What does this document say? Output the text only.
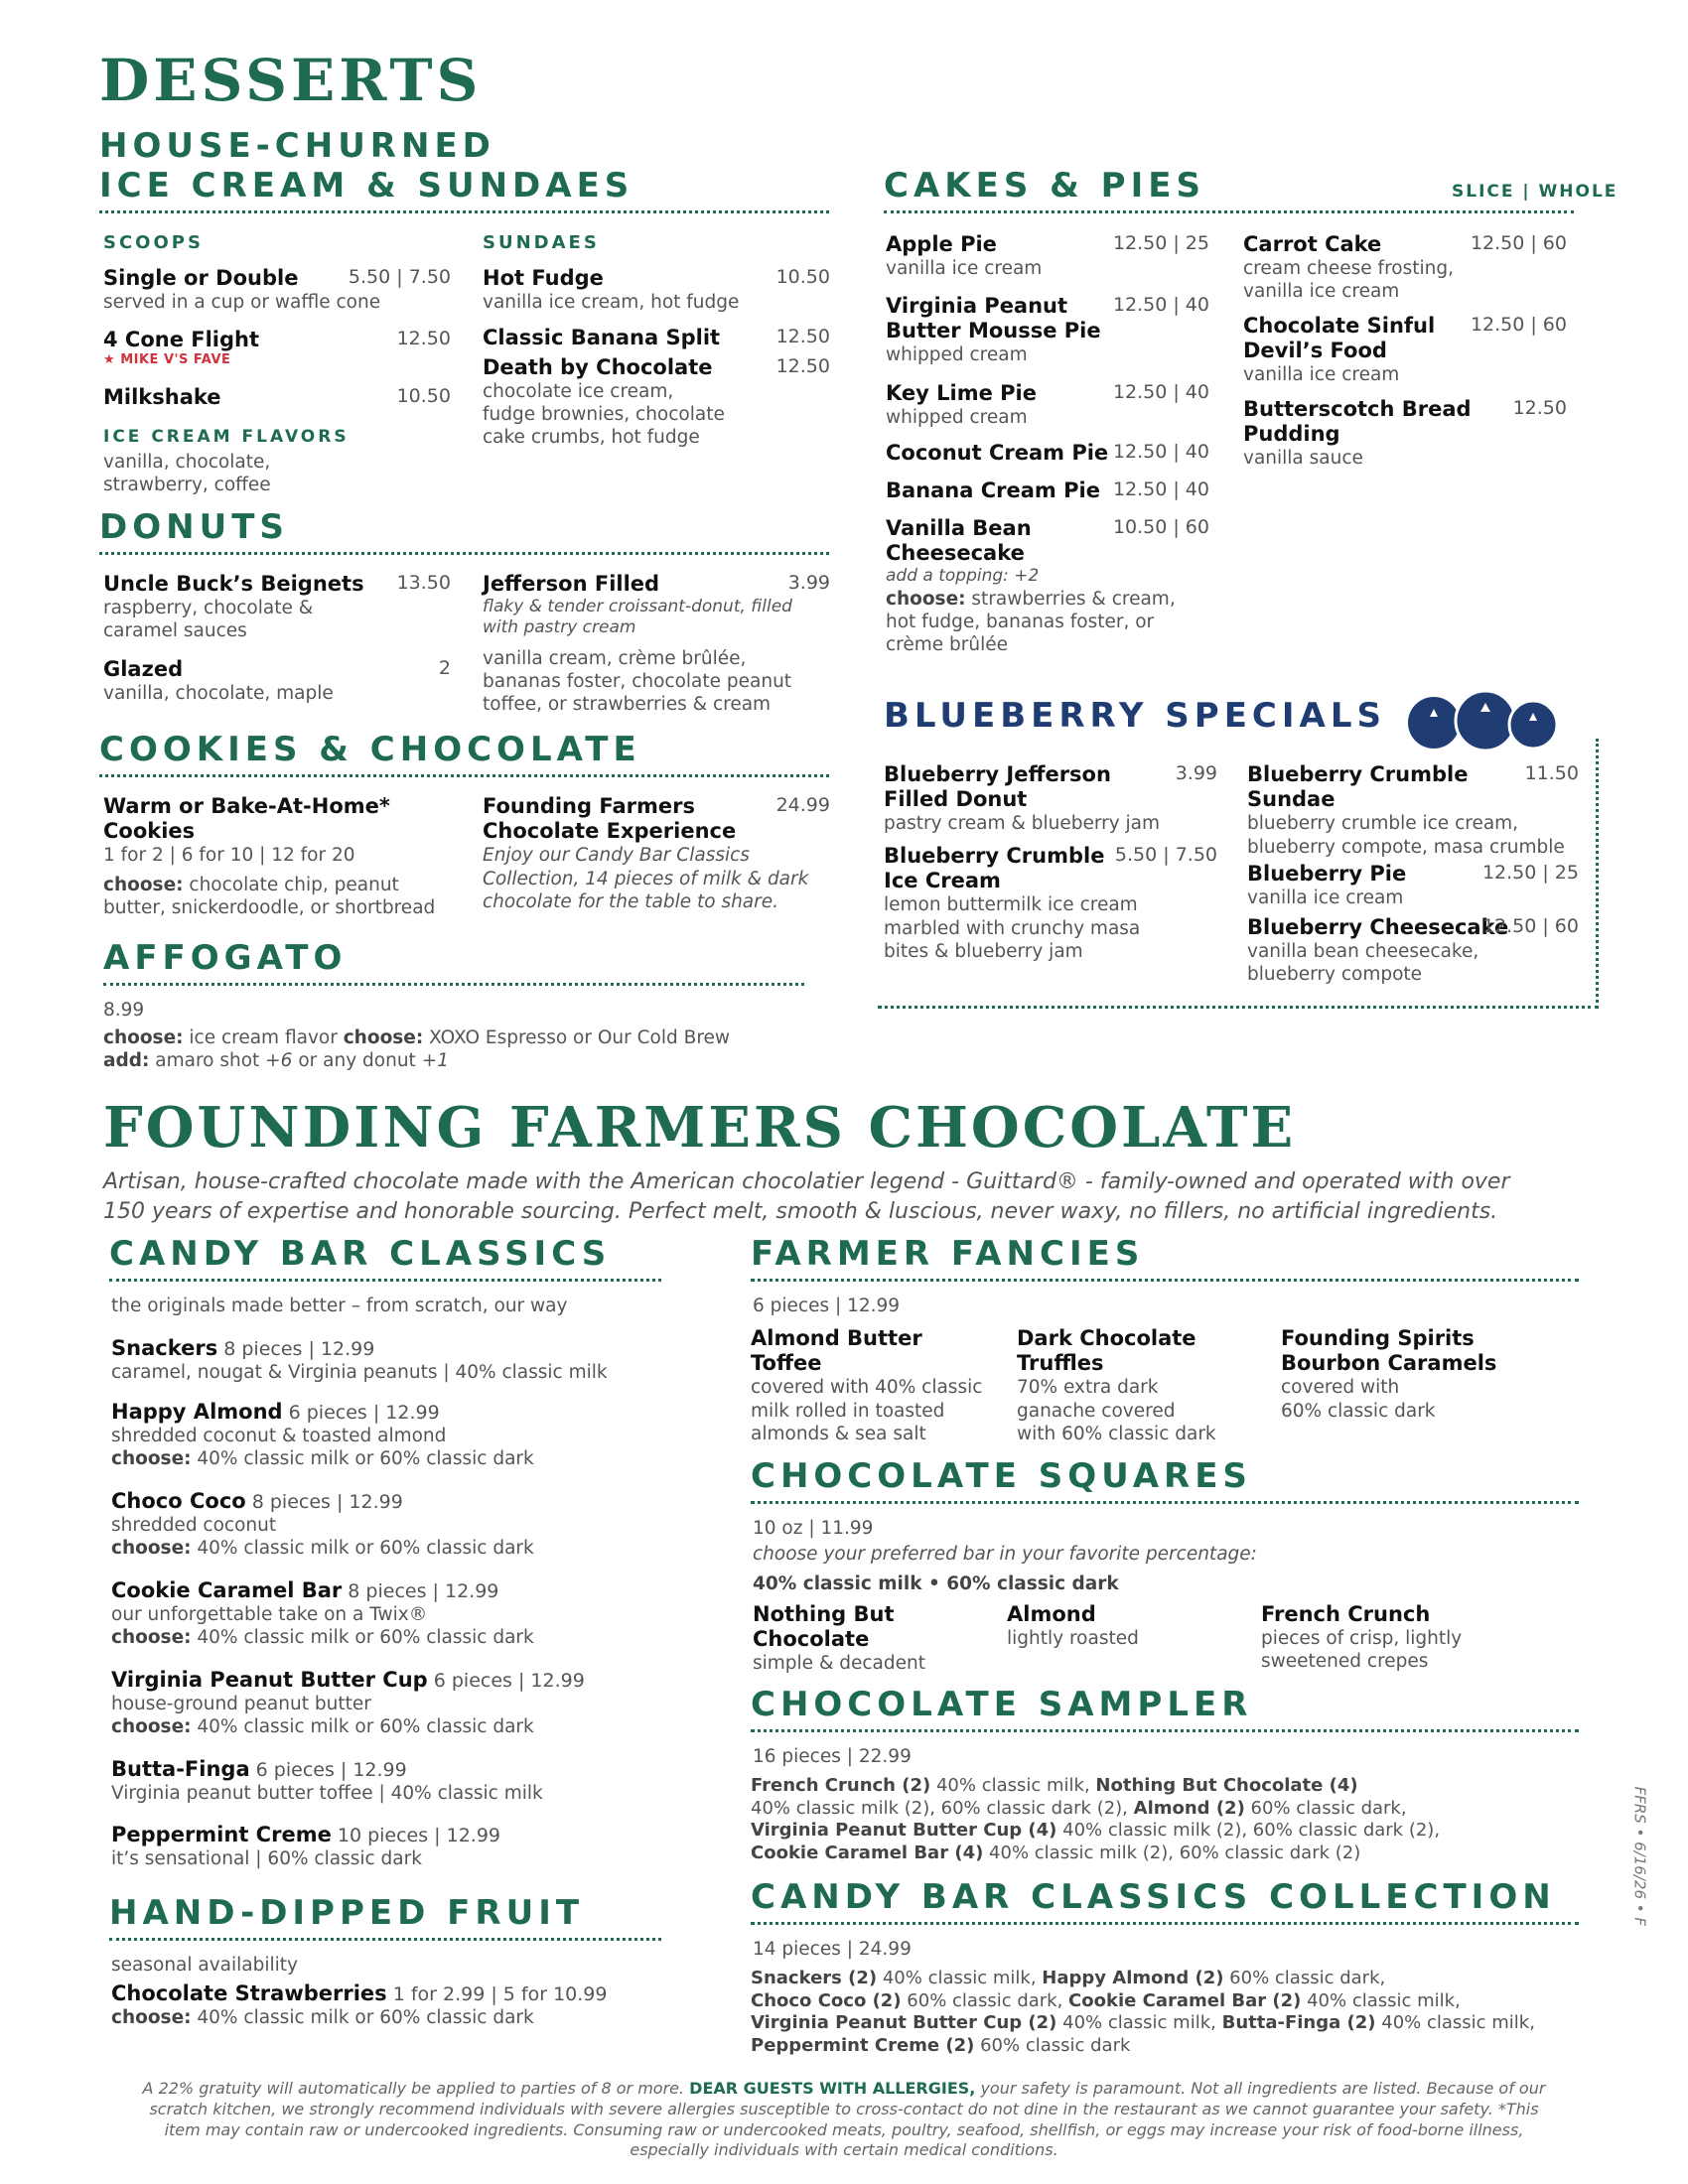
DESSERTS
HOUSE-CHURNED
ICE CREAM & SUNDAES
SCOOPS	SUNDAES
Single or Double	5.50 | 7.50
served in a cup or waffle cone
4 Cone Flight	12.50
★ MIKE V'S FAVE
Milkshake	10.50
ICE CREAM FLAVORS
vanilla, chocolate,
strawberry, coffee
Hot Fudge	10.50
vanilla ice cream, hot fudge
Classic Banana Split	12.50
Death by Chocolate	12.50
chocolate ice cream,
fudge brownies, chocolate
cake crumbs, hot fudge
DONUTS
Uncle Buck’s Beignets	13.50
raspberry, chocolate &
caramel sauces
Glazed	2
vanilla, chocolate, maple
Jefferson Filled	3.99
flaky & tender croissant-donut, filled
with pastry cream
vanilla cream, crème brûlée,
bananas foster, chocolate peanut
toffee, or strawberries & cream
COOKIES & CHOCOLATE
Warm or Bake-At-Home*
Cookies
1 for 2 | 6 for 10 | 12 for 20
choose: chocolate chip, peanut
butter, snickerdoodle, or shortbread
Founding Farmers	24.99
Chocolate Experience
Enjoy our Candy Bar Classics
Collection, 14 pieces of milk & dark
chocolate for the table to share.
AFFOGATO
8.99
choose: ice cream flavor choose: XOXO Espresso or Our Cold Brew
add: amaro shot +6 or any donut +1
CAKES & PIES	SLICE | WHOLE
Apple Pie	12.50 | 25
vanilla ice cream
Virginia Peanut	12.50 | 40
Butter Mousse Pie
whipped cream
Key Lime Pie	12.50 | 40
whipped cream
Coconut Cream Pie 12.50 | 40
Banana Cream Pie 12.50 | 40
Vanilla Bean	10.50 | 60
Cheesecake
add a topping: +2
choose: strawberries & cream,
hot fudge, bananas foster, or
crème brûlée
Carrot Cake	12.50 | 60
cream cheese frosting,
vanilla ice cream
Chocolate Sinful	12.50 | 60
Devil’s Food
vanilla ice cream
Butterscotch Bread	12.50
Pudding
vanilla sauce
BLUEBERRY SPECIALS
Blueberry Jefferson	3.99
Filled Donut
pastry cream & blueberry jam
Blueberry Crumble 5.50 | 7.50
Ice Cream
lemon buttermilk ice cream
marbled with crunchy masa
bites & blueberry jam
Blueberry Crumble	11.50
Sundae
blueberry crumble ice cream,
blueberry compote, masa crumble
Blueberry Pie	12.50 | 25
vanilla ice cream
Blueberry Cheesecake
12.50 | 60
vanilla bean cheesecake,
blueberry compote
FOUNDING FARMERS CHOCOLATE
Artisan, house-crafted chocolate made with the American chocolatier legend - Guittard® - family-owned and operated with over
150 years of expertise and honorable sourcing. Perfect melt, smooth & luscious, never waxy, no fillers, no artificial ingredients.
CANDY BAR CLASSICS
the originals made better – from scratch, our way
Snackers 8 pieces | 12.99
caramel, nougat & Virginia peanuts | 40% classic milk
Happy Almond 6 pieces | 12.99
shredded coconut & toasted almond
choose: 40% classic milk or 60% classic dark
Choco Coco 8 pieces | 12.99
shredded coconut
choose: 40% classic milk or 60% classic dark
Cookie Caramel Bar 8 pieces | 12.99
our unforgettable take on a Twix®
choose: 40% classic milk or 60% classic dark
Virginia Peanut Butter Cup 6 pieces | 12.99
house-ground peanut butter
choose: 40% classic milk or 60% classic dark
Butta-Finga 6 pieces | 12.99
Virginia peanut butter toffee | 40% classic milk
Peppermint Creme 10 pieces | 12.99
it’s sensational | 60% classic dark
HAND-DIPPED FRUIT
seasonal availability
Chocolate Strawberries 1 for 2.99 | 5 for 10.99
choose: 40% classic milk or 60% classic dark
FARMER FANCIES
6 pieces | 12.99
Almond Butter
Toffee
covered with 40% classic
milk rolled in toasted
almonds & sea salt
Dark Chocolate
Truffles
70% extra dark
ganache covered
with 60% classic dark
Founding Spirits
Bourbon Caramels
covered with
60% classic dark
CHOCOLATE SQUARES
10 oz | 11.99
choose your preferred bar in your favorite percentage:
40% classic milk • 60% classic dark
Nothing But
Chocolate
simple & decadent
Almond
lightly roasted
French Crunch
pieces of crisp, lightly
sweetened crepes
CHOCOLATE SAMPLER
16 pieces | 22.99
French Crunch (2) 40% classic milk, Nothing But Chocolate (4)
40% classic milk (2), 60% classic dark (2), Almond (2) 60% classic dark,
Virginia Peanut Butter Cup (4) 40% classic milk (2), 60% classic dark (2),
Cookie Caramel Bar (4) 40% classic milk (2), 60% classic dark (2)
CANDY BAR CLASSICS COLLECTION
14 pieces | 24.99
Snackers (2) 40% classic milk, Happy Almond (2) 60% classic dark,
Choco Coco (2) 60% classic dark, Cookie Caramel Bar (2) 40% classic milk,
Virginia Peanut Butter Cup (2) 40% classic milk, Butta-Finga (2) 40% classic milk,
Peppermint Creme (2) 60% classic dark
A 22% gratuity will automatically be applied to parties of 8 or more. DEAR GUESTS WITH ALLERGIES, your safety is paramount. Not all ingredients are listed. Because of our
scratch kitchen, we strongly recommend individuals with severe allergies susceptible to cross-contact do not dine in the restaurant as we cannot guarantee your safety. *This
item may contain raw or undercooked ingredients. Consuming raw or undercooked meats, poultry, seafood, shellfish, or eggs may increase your risk of food-borne illness,
especially individuals with certain medical conditions.
FFRS • 6/16/26 • F
